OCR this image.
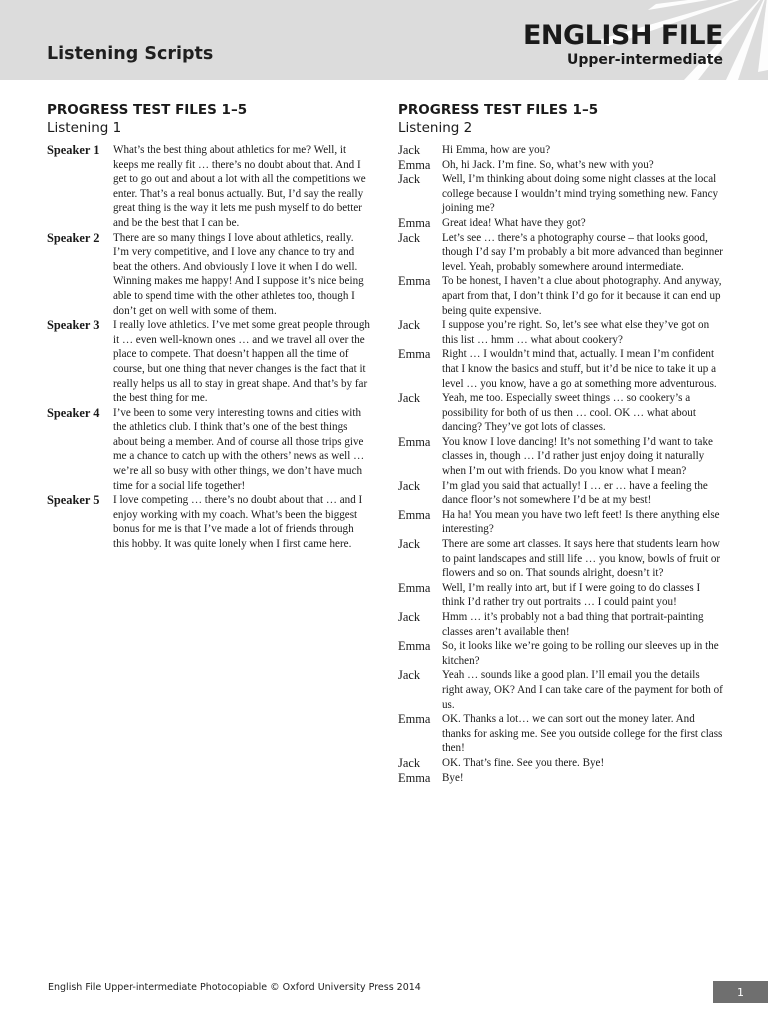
Listening Scripts
ENGLISH FILE
Upper-intermediate
PROGRESS TEST FILES 1–5
Listening 1
Speaker 1	What’s the best thing about athletics for me? Well, it keeps me really fit … there’s no doubt about that. And I get to go out and about a lot with all the competitions we enter. That’s a real bonus actually. But, I’d say the really great thing is the way it lets me push myself to do better and be the best that I can be.
Speaker 2	There are so many things I love about athletics, really. I’m very competitive, and I love any chance to try and beat the others. And obviously I love it when I do well. Winning makes me happy! And I suppose it’s nice being able to spend time with the other athletes too, though I don’t get on well with some of them.
Speaker 3	I really love athletics. I’ve met some great people through it … even well-known ones … and we travel all over the place to compete. That doesn’t happen all the time of course, but one thing that never changes is the fact that it really helps us all to stay in great shape. And that’s by far the best thing for me.
Speaker 4	I’ve been to some very interesting towns and cities with the athletics club. I think that’s one of the best things about being a member. And of course all those trips give me a chance to catch up with the others’ news as well … we’re all so busy with other things, we don’t have much time for a social life together!
Speaker 5	I love competing … there’s no doubt about that … and I enjoy working with my coach. What’s been the biggest bonus for me is that I’ve made a lot of friends through this hobby. It was quite lonely when I first came here.
PROGRESS TEST FILES 1–5
Listening 2
Jack	Hi Emma, how are you?
Emma	Oh, hi Jack. I’m fine. So, what’s new with you?
Jack	Well, I’m thinking about doing some night classes at the local college because I wouldn’t mind trying something new. Fancy joining me?
Emma	Great idea! What have they got?
Jack	Let’s see … there’s a photography course – that looks good, though I’d say I’m probably a bit more advanced than beginner level. Yeah, probably somewhere around intermediate.
Emma	To be honest, I haven’t a clue about photography. And anyway, apart from that, I don’t think I’d go for it because it can end up being quite expensive.
Jack	I suppose you’re right. So, let’s see what else they’ve got on this list … hmm … what about cookery?
Emma	Right … I wouldn’t mind that, actually. I mean I’m confident that I know the basics and stuff, but it’d be nice to take it up a level … you know, have a go at something more adventurous.
Jack	Yeah, me too. Especially sweet things … so cookery’s a possibility for both of us then … cool. OK … what about dancing? They’ve got lots of classes.
Emma	You know I love dancing! It’s not something I’d want to take classes in, though … I’d rather just enjoy doing it naturally when I’m out with friends. Do you know what I mean?
Jack	I’m glad you said that actually! I … er … have a feeling the dance floor’s not somewhere I’d be at my best!
Emma	Ha ha! You mean you have two left feet! Is there anything else interesting?
Jack	There are some art classes. It says here that students learn how to paint landscapes and still life … you know, bowls of fruit or flowers and so on. That sounds alright, doesn’t it?
Emma	Well, I’m really into art, but if I were going to do classes I think I’d rather try out portraits … I could paint you!
Jack	Hmm … it’s probably not a bad thing that portrait-painting classes aren’t available then!
Emma	So, it looks like we’re going to be rolling our sleeves up in the kitchen?
Jack	Yeah … sounds like a good plan. I’ll email you the details right away, OK? And I can take care of the payment for both of us.
Emma	OK. Thanks a lot… we can sort out the money later. And thanks for asking me. See you outside college for the first class then!
Jack	OK. That’s fine. See you there. Bye!
Emma	Bye!
English File Upper-intermediate Photocopiable © Oxford University Press 2014	1
